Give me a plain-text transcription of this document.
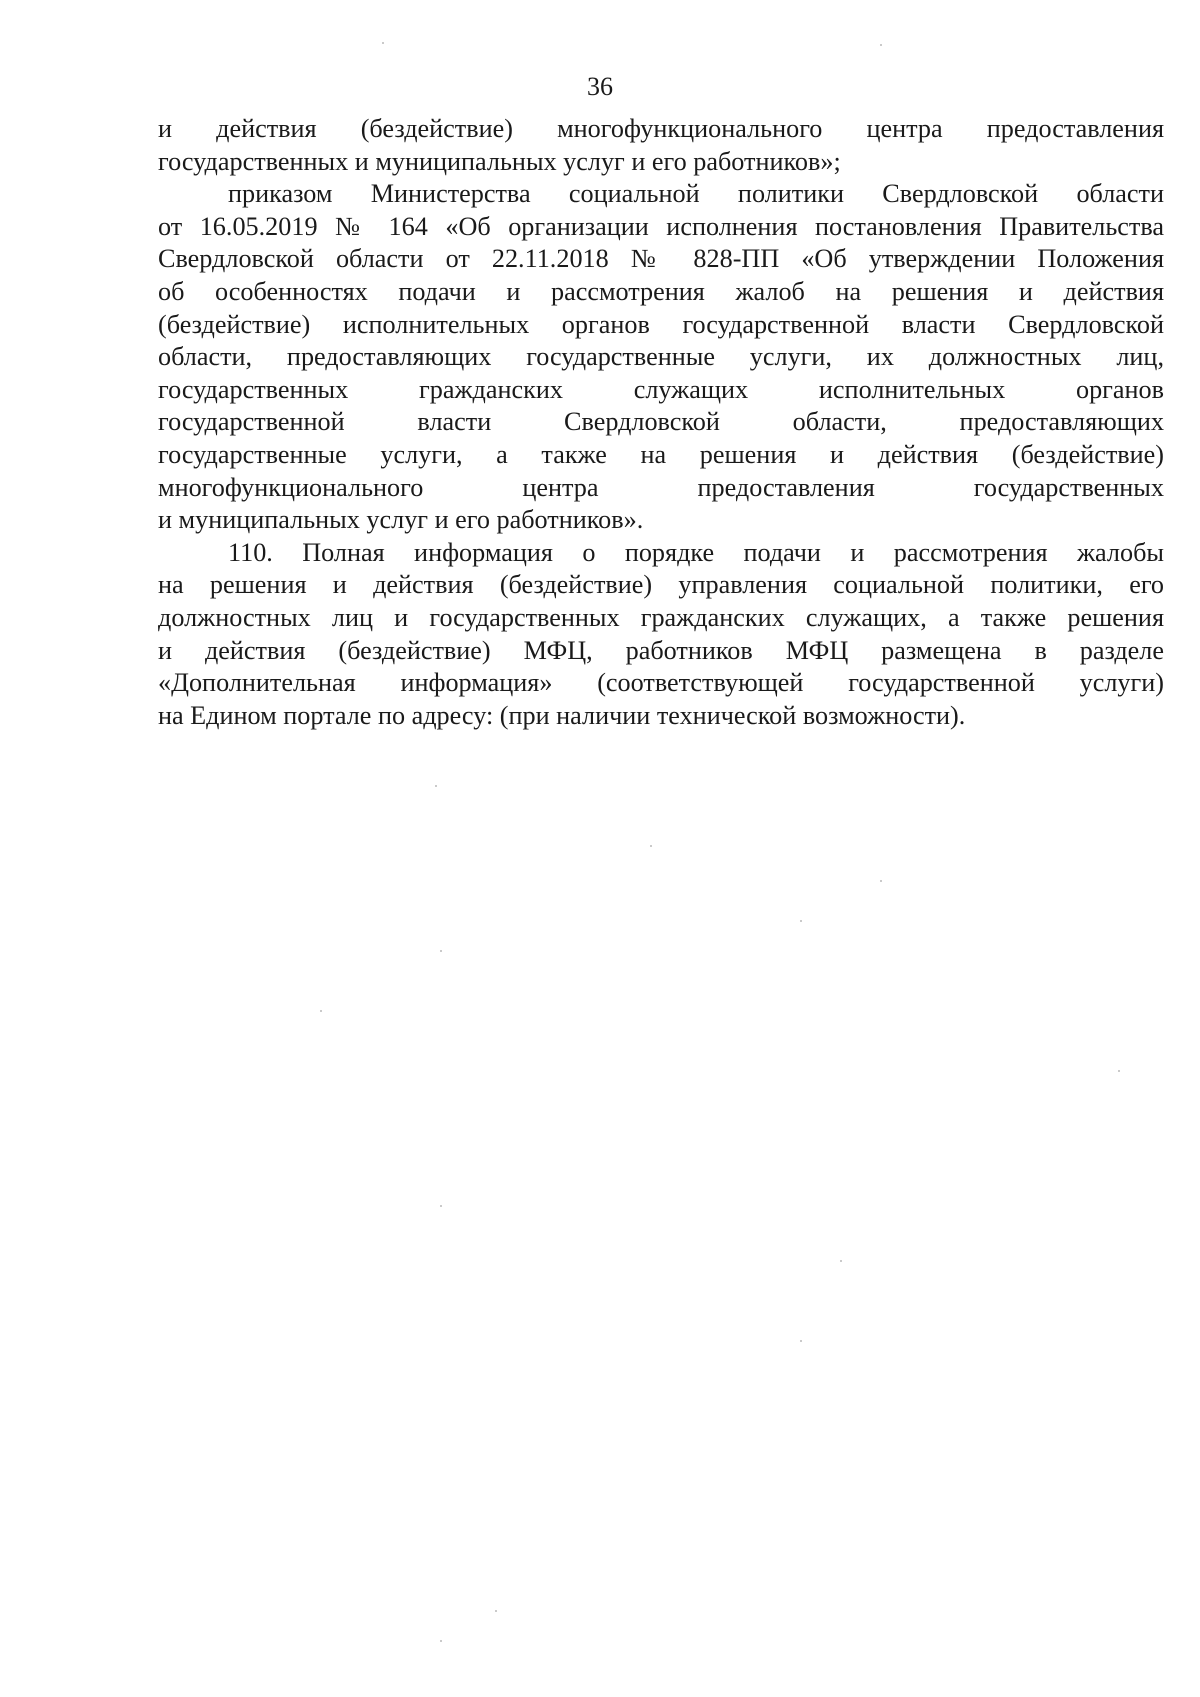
36
и действия (бездействие) многофункционального центра предоставления
государственных и муниципальных услуг и его работников»;
приказом Министерства социальной политики Свердловской области
от 16.05.2019 № 164 «Об организации исполнения постановления Правительства
Свердловской области от 22.11.2018 № 828-ПП «Об утверждении Положения
об особенностях подачи и рассмотрения жалоб на решения и действия
(бездействие) исполнительных органов государственной власти Свердловской
области, предоставляющих государственные услуги, их должностных лиц,
государственных гражданских служащих исполнительных органов
государственной власти Свердловской области, предоставляющих
государственные услуги, а также на решения и действия (бездействие)
многофункционального центра предоставления государственных
и муниципальных услуг и его работников».
110. Полная информация о порядке подачи и рассмотрения жалобы
на решения и действия (бездействие) управления социальной политики, его
должностных лиц и государственных гражданских служащих, а также решения
и действия (бездействие) МФЦ, работников МФЦ размещена в разделе
«Дополнительная информация» (соответствующей государственной услуги)
на Едином портале по адресу: (при наличии технической возможности).
